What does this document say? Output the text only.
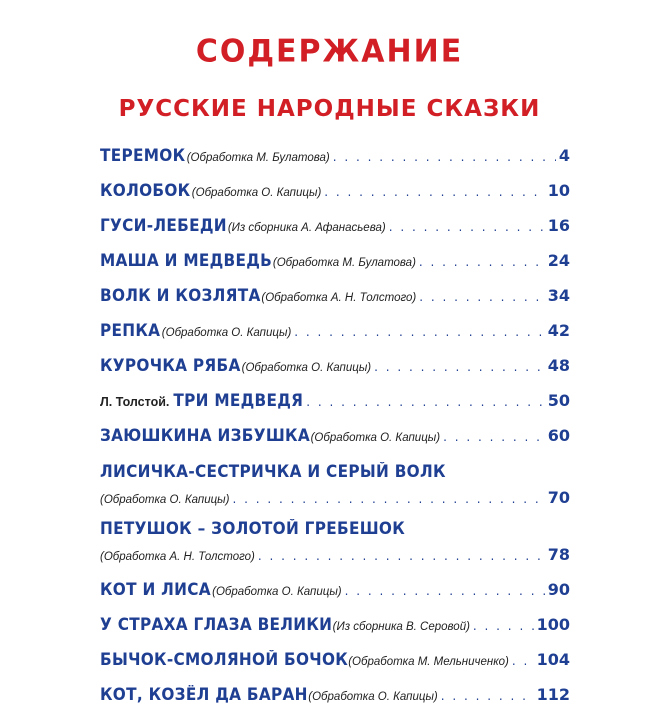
СОДЕРЖАНИЕ
РУССКИЕ НАРОДНЫЕ СКАЗКИ
ТЕРЕМОК (Обработка М. Булатова) . . .	4
КОЛОБОК (Обработка О. Капицы) . . .	10
ГУСИ-ЛЕБЕДИ (Из сборника А. Афанасьева) . . .	16
МАША И МЕДВЕДЬ (Обработка М. Булатова) . . .	24
ВОЛК И КОЗЛЯТА (Обработка А. Н. Толстого) . . .	34
РЕПКА (Обработка О. Капицы) . . .	42
КУРОЧКА РЯБА (Обработка О. Капицы) . . .	48
Л. Толстой. ТРИ МЕДВЕДЯ . . .	50
ЗАЮШКИНА ИЗБУШКА (Обработка О. Капицы) . . .	60
ЛИСИЧКА-СЕСТРИЧКА И СЕРЫЙ ВОЛК
(Обработка О. Капицы) . . .	70
ПЕТУШОК – ЗОЛОТОЙ ГРЕБЕШОК
(Обработка А. Н. Толстого) . . .	78
КОТ И ЛИСА (Обработка О. Капицы) . . .	90
У СТРАХА ГЛАЗА ВЕЛИКИ (Из сборника В. Серовой) . . .	100
БЫЧОК-СМОЛЯНОЙ БОЧОК (Обработка М. Мельниченко) . . . 104
КОТ, КОЗЁЛ ДА БАРАН (Обработка О. Капицы) . . .	112
